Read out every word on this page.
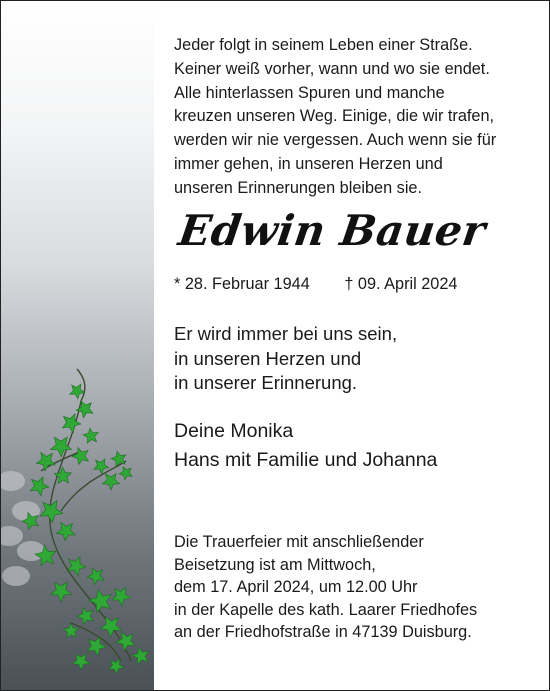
Jeder folgt in seinem Leben einer Straße.
Keiner weiß vorher, wann und wo sie endet.
Alle hinterlassen Spuren und manche
kreuzen unseren Weg. Einige, die wir trafen,
werden wir nie vergessen. Auch wenn sie für
immer gehen, in unseren Herzen und
unseren Erinnerungen bleiben sie.
Edwin Bauer
* 28. Februar 1944 † 09. April 2024
Er wird immer bei uns sein,
in unseren Herzen und
in unserer Erinnerung.
Deine Monika
Hans mit Familie und Johanna
Die Trauerfeier mit anschließender
Beisetzung ist am Mittwoch,
dem 17. April 2024, um 12.00 Uhr
in der Kapelle des kath. Laarer Friedhofes
an der Friedhofstraße in 47139 Duisburg.
